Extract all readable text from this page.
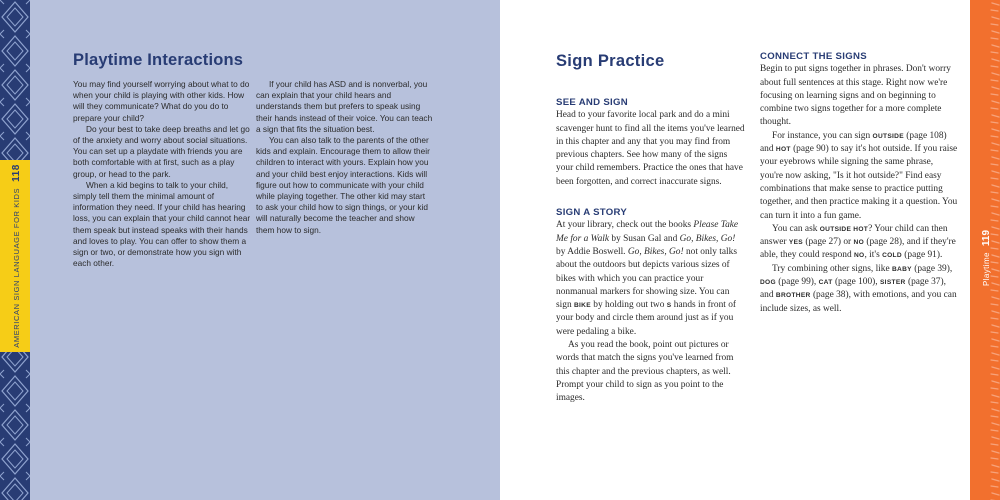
AMERICAN SIGN LANGUAGE FOR KIDS118
Playtime Interactions

You may find yourself worrying about what to do when your child is playing with other kids. How will they communicate? What do you do to prepare your child?

Do your best to take deep breaths and let go of the anxiety and worry about social situations. You can set up a playdate with friends you are both comfortable with at first, such as a play group, or head to the park.

When a kid begins to talk to your child, simply tell them the minimal amount of information they need. If your child has hearing loss, you can explain that your child cannot hear them speak but instead speaks with their hands and loves to play. You can offer to show them a sign or two, or demonstrate how you sign with each other.

If your child has ASD and is nonverbal, you can explain that your child hears and understands them but prefers to speak using their hands instead of their voice. You can teach a sign that fits the situation best.

You can also talk to the parents of the other kids and explain. Encourage them to allow their children to interact with yours. Explain how you and your child best enjoy interactions. Kids will figure out how to communicate with your child while playing together. The other kid may start to ask your child how to sign things, or your kid will naturally become the teacher and show them how to sign.

Playtime119
Sign Practice
SEE AND SIGN

Head to your favorite local park and do a mini scavenger hunt to find all the items you've learned in this chapter and any that you may find from previous chapters. See how many of the signs your child remembers. Practice the ones that have been forgotten, and correct inaccurate signs.

SIGN A STORY

At your library, check out the books Please Take Me for a Walk by Susan Gal and Go, Bikes, Go! by Addie Boswell. Go, Bikes, Go! not only talks about the outdoors but depicts various sizes of bikes with which you can practice your nonmanual markers for showing size. You can sign BIKE by holding out two S hands in front of your body and circle them around just as if you were pedaling a bike.

As you read the book, point out pictures or words that match the signs you've learned from this chapter and the previous chapters, as well. Prompt your child to sign as you point to the images.

CONNECT THE SIGNS

Begin to put signs together in phrases. Don't worry about full sentences at this stage. Right now we're focusing on learning signs and on beginning to combine two signs together for a more complete thought.

For instance, you can sign OUTSIDE (page 108) and HOT (page 90) to say it's hot outside. If you raise your eyebrows while signing the same phrase, you're now asking, "Is it hot outside?" Find easy combinations that make sense to practice putting together, and then practice making it a question. You can turn it into a fun game.

You can ask OUTSIDE HOT? Your child can then answer YES (page 27) or NO (page 28), and if they're able, they could respond NO, it's COLD (page 91).

Try combining other signs, like BABY (page 39), DOG (page 99), CAT (page 100), SISTER (page 37), and BROTHER (page 38), with emotions, and you can include sizes, as well.
